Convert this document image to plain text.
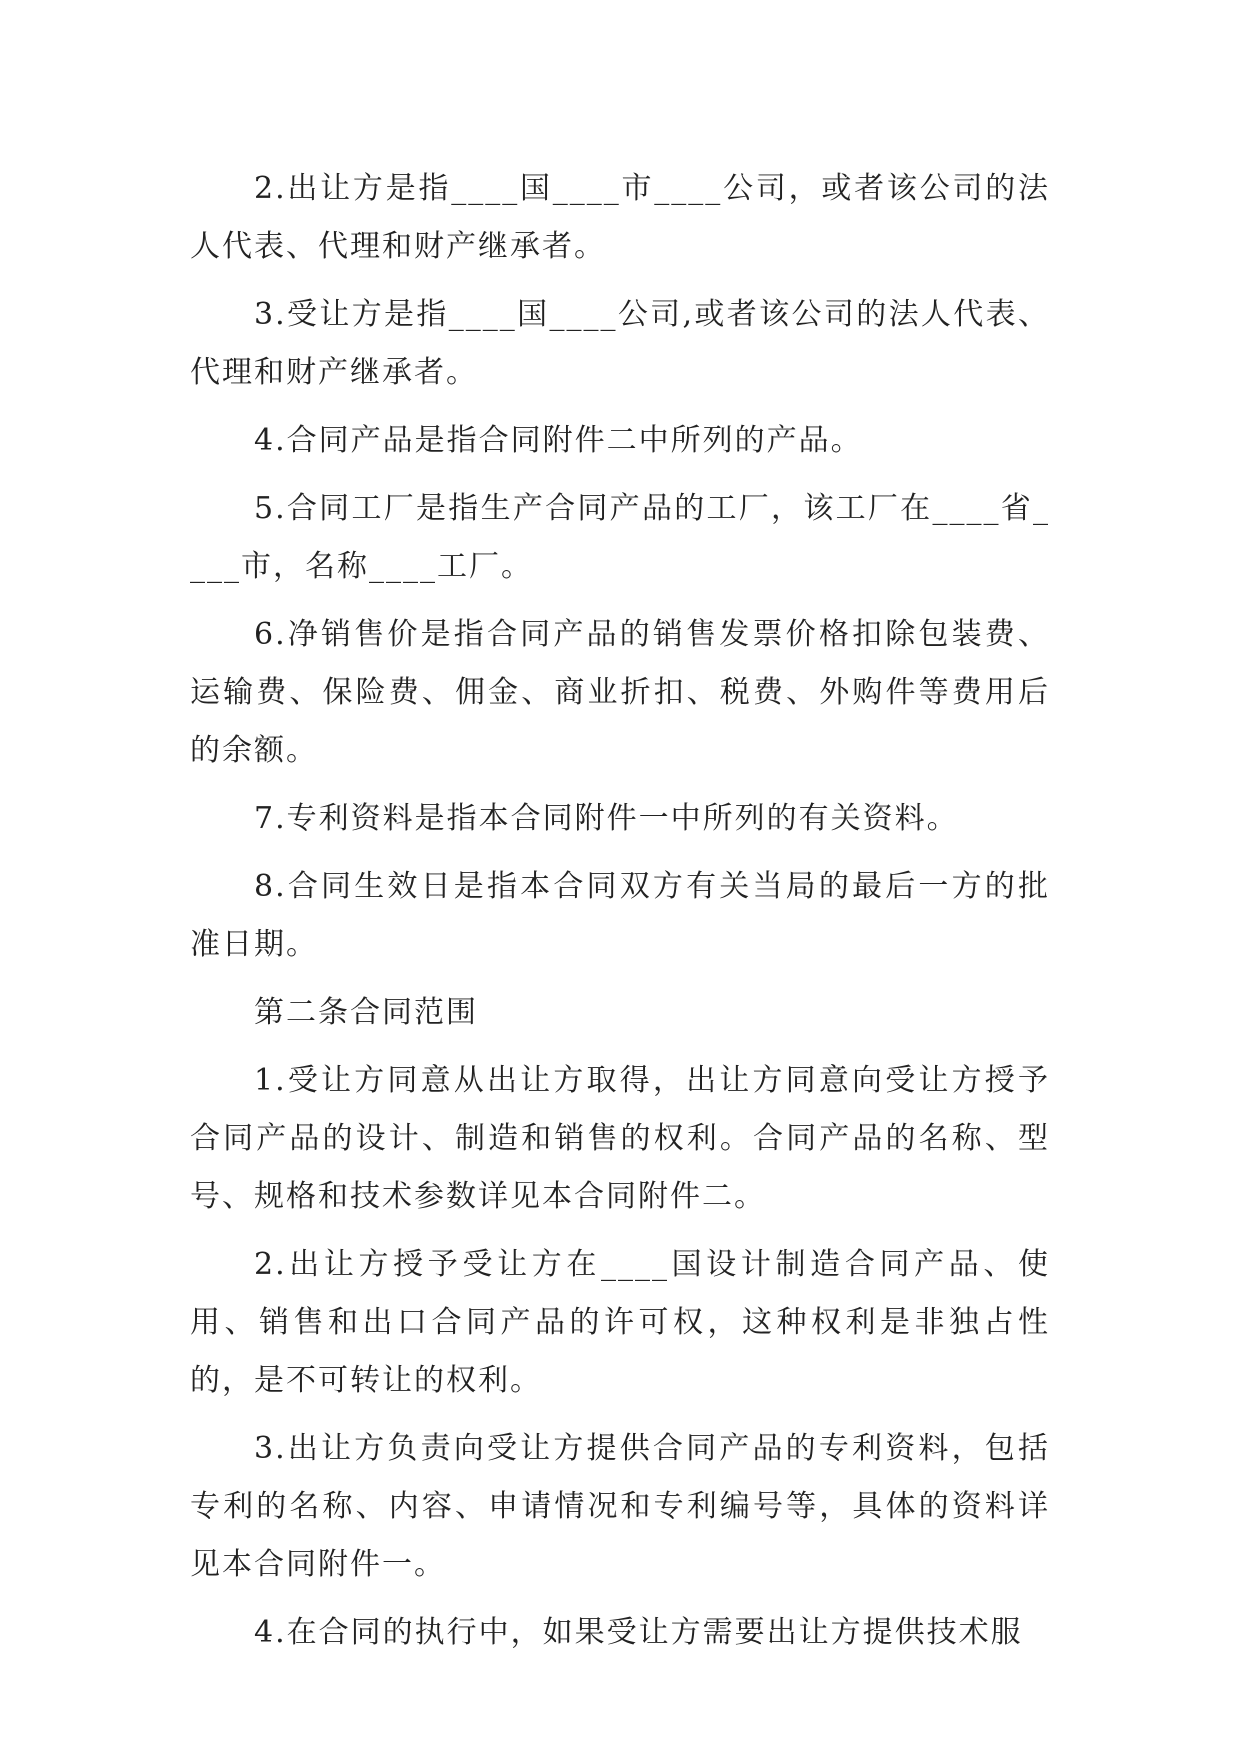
2.出让方是指____国____市____公司，或者该公司的法人代表、代理和财产继承者。

3.受让方是指____国____公司,或者该公司的法人代表、代理和财产继承者。

4.合同产品是指合同附件二中所列的产品。

5.合同工厂是指生产合同产品的工厂，该工厂在____省____市，名称____工厂。

6.净销售价是指合同产品的销售发票价格扣除包装费、运输费、保险费、佣金、商业折扣、税费、外购件等费用后的余额。

7.专利资料是指本合同附件一中所列的有关资料。

8.合同生效日是指本合同双方有关当局的最后一方的批准日期。

第二条合同范围

1.受让方同意从出让方取得，出让方同意向受让方授予合同产品的设计、制造和销售的权利。合同产品的名称、型号、规格和技术参数详见本合同附件二。

2.出让方授予受让方在____国设计制造合同产品、使用、销售和出口合同产品的许可权，这种权利是非独占性的，是不可转让的权利。

3.出让方负责向受让方提供合同产品的专利资料，包括专利的名称、内容、申请情况和专利编号等，具体的资料详见本合同附件一。

4.在合同的执行中，如果受让方需要出让方提供技术服
